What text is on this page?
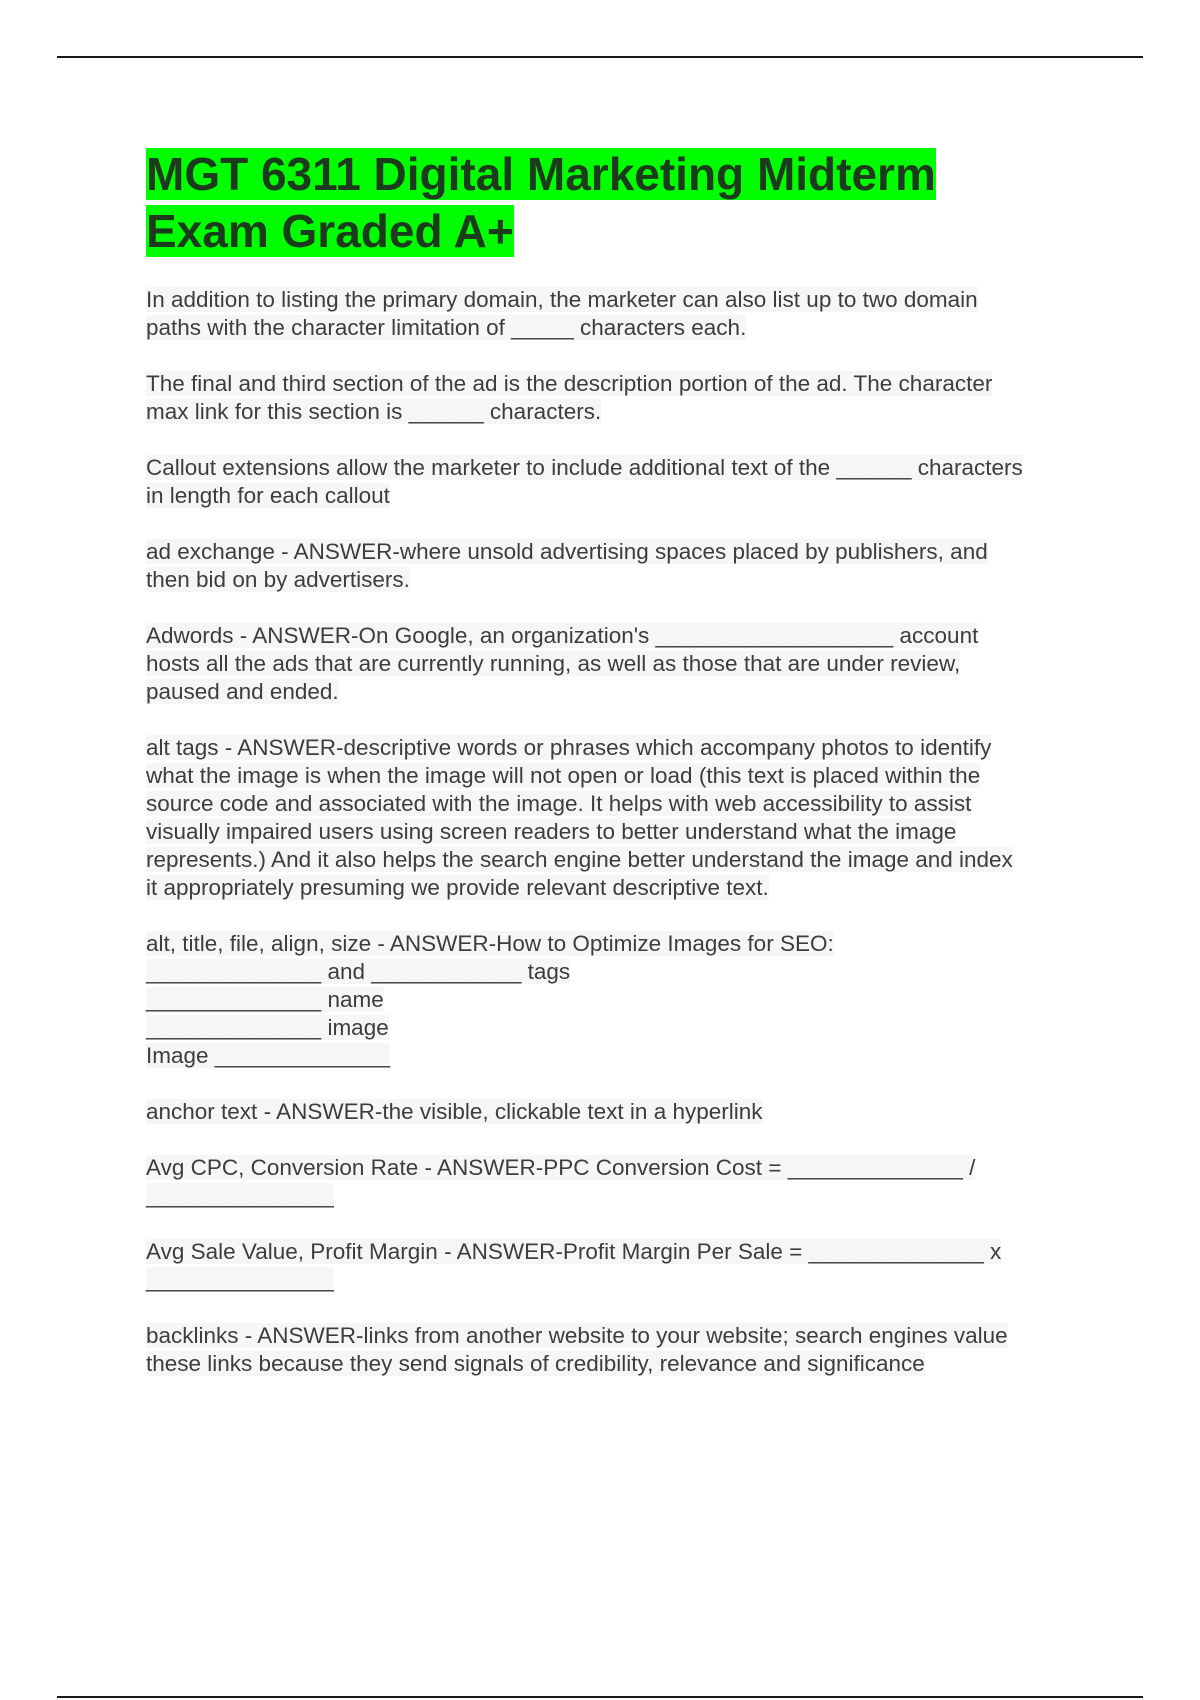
MGT 6311 Digital Marketing Midterm
Exam Graded A+

In addition to listing the primary domain, the marketer can also list up to two domain
paths with the character limitation of _____ characters each.

The final and third section of the ad is the description portion of the ad. The character
max link for this section is ______ characters.

Callout extensions allow the marketer to include additional text of the ______ characters
in length for each callout

ad exchange - ANSWER-where unsold advertising spaces placed by publishers, and
then bid on by advertisers.

Adwords - ANSWER-On Google, an organization's ___________________ account
hosts all the ads that are currently running, as well as those that are under review,
paused and ended.

alt tags - ANSWER-descriptive words or phrases which accompany photos to identify
what the image is when the image will not open or load (this text is placed within the
source code and associated with the image. It helps with web accessibility to assist
visually impaired users using screen readers to better understand what the image
represents.) And it also helps the search engine better understand the image and index
it appropriately presuming we provide relevant descriptive text.

alt, title, file, align, size - ANSWER-How to Optimize Images for SEO:
______________ and ____________ tags
______________ name
______________ image
Image ______________

anchor text - ANSWER-the visible, clickable text in a hyperlink

Avg CPC, Conversion Rate - ANSWER-PPC Conversion Cost = ______________ /
_______________

Avg Sale Value, Profit Margin - ANSWER-Profit Margin Per Sale = ______________ x
_______________

backlinks - ANSWER-links from another website to your website; search engines value
these links because they send signals of credibility, relevance and significance
